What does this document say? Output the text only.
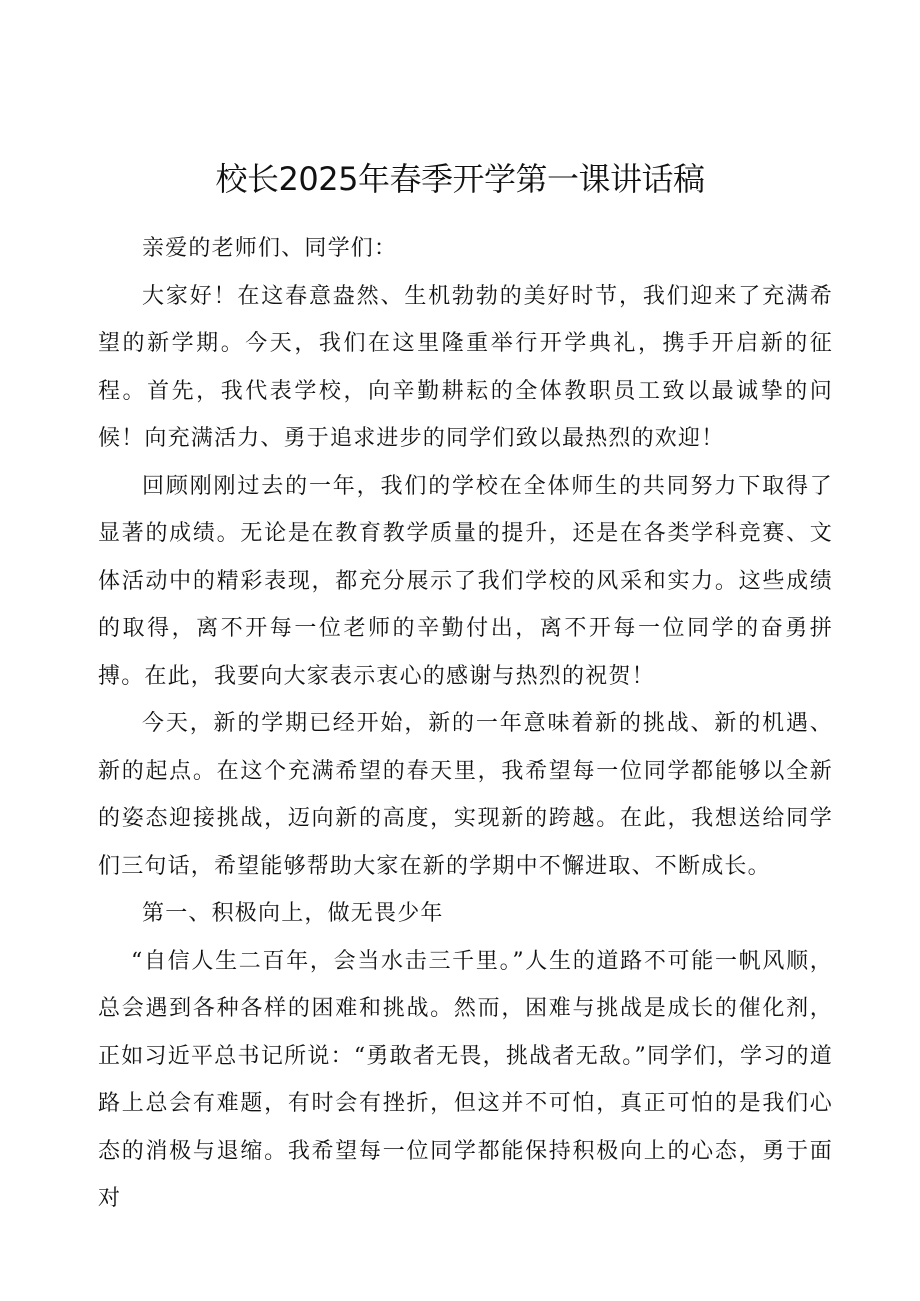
校长2025年春季开学第一课讲话稿

亲爱的老师们、同学们：

大家好！在这春意盎然、生机勃勃的美好时节，我们迎来了充满希望的新学期。今天，我们在这里隆重举行开学典礼，携手开启新的征程。首先，我代表学校，向辛勤耕耘的全体教职员工致以最诚挚的问候！向充满活力、勇于追求进步的同学们致以最热烈的欢迎！

回顾刚刚过去的一年，我们的学校在全体师生的共同努力下取得了显著的成绩。无论是在教育教学质量的提升，还是在各类学科竞赛、文体活动中的精彩表现，都充分展示了我们学校的风采和实力。这些成绩的取得，离不开每一位老师的辛勤付出，离不开每一位同学的奋勇拼搏。在此，我要向大家表示衷心的感谢与热烈的祝贺！

今天，新的学期已经开始，新的一年意味着新的挑战、新的机遇、新的起点。在这个充满希望的春天里，我希望每一位同学都能够以全新的姿态迎接挑战，迈向新的高度，实现新的跨越。在此，我想送给同学们三句话，希望能够帮助大家在新的学期中不懈进取、不断成长。

第一、积极向上，做无畏少年

“自信人生二百年，会当水击三千里。”人生的道路不可能一帆风顺，总会遇到各种各样的困难和挑战。然而，困难与挑战是成长的催化剂，正如习近平总书记所说：“勇敢者无畏，挑战者无敌。”同学们，学习的道路上总会有难题，有时会有挫折，但这并不可怕，真正可怕的是我们心态的消极与退缩。我希望每一位同学都能保持积极向上的心态，勇于面对
